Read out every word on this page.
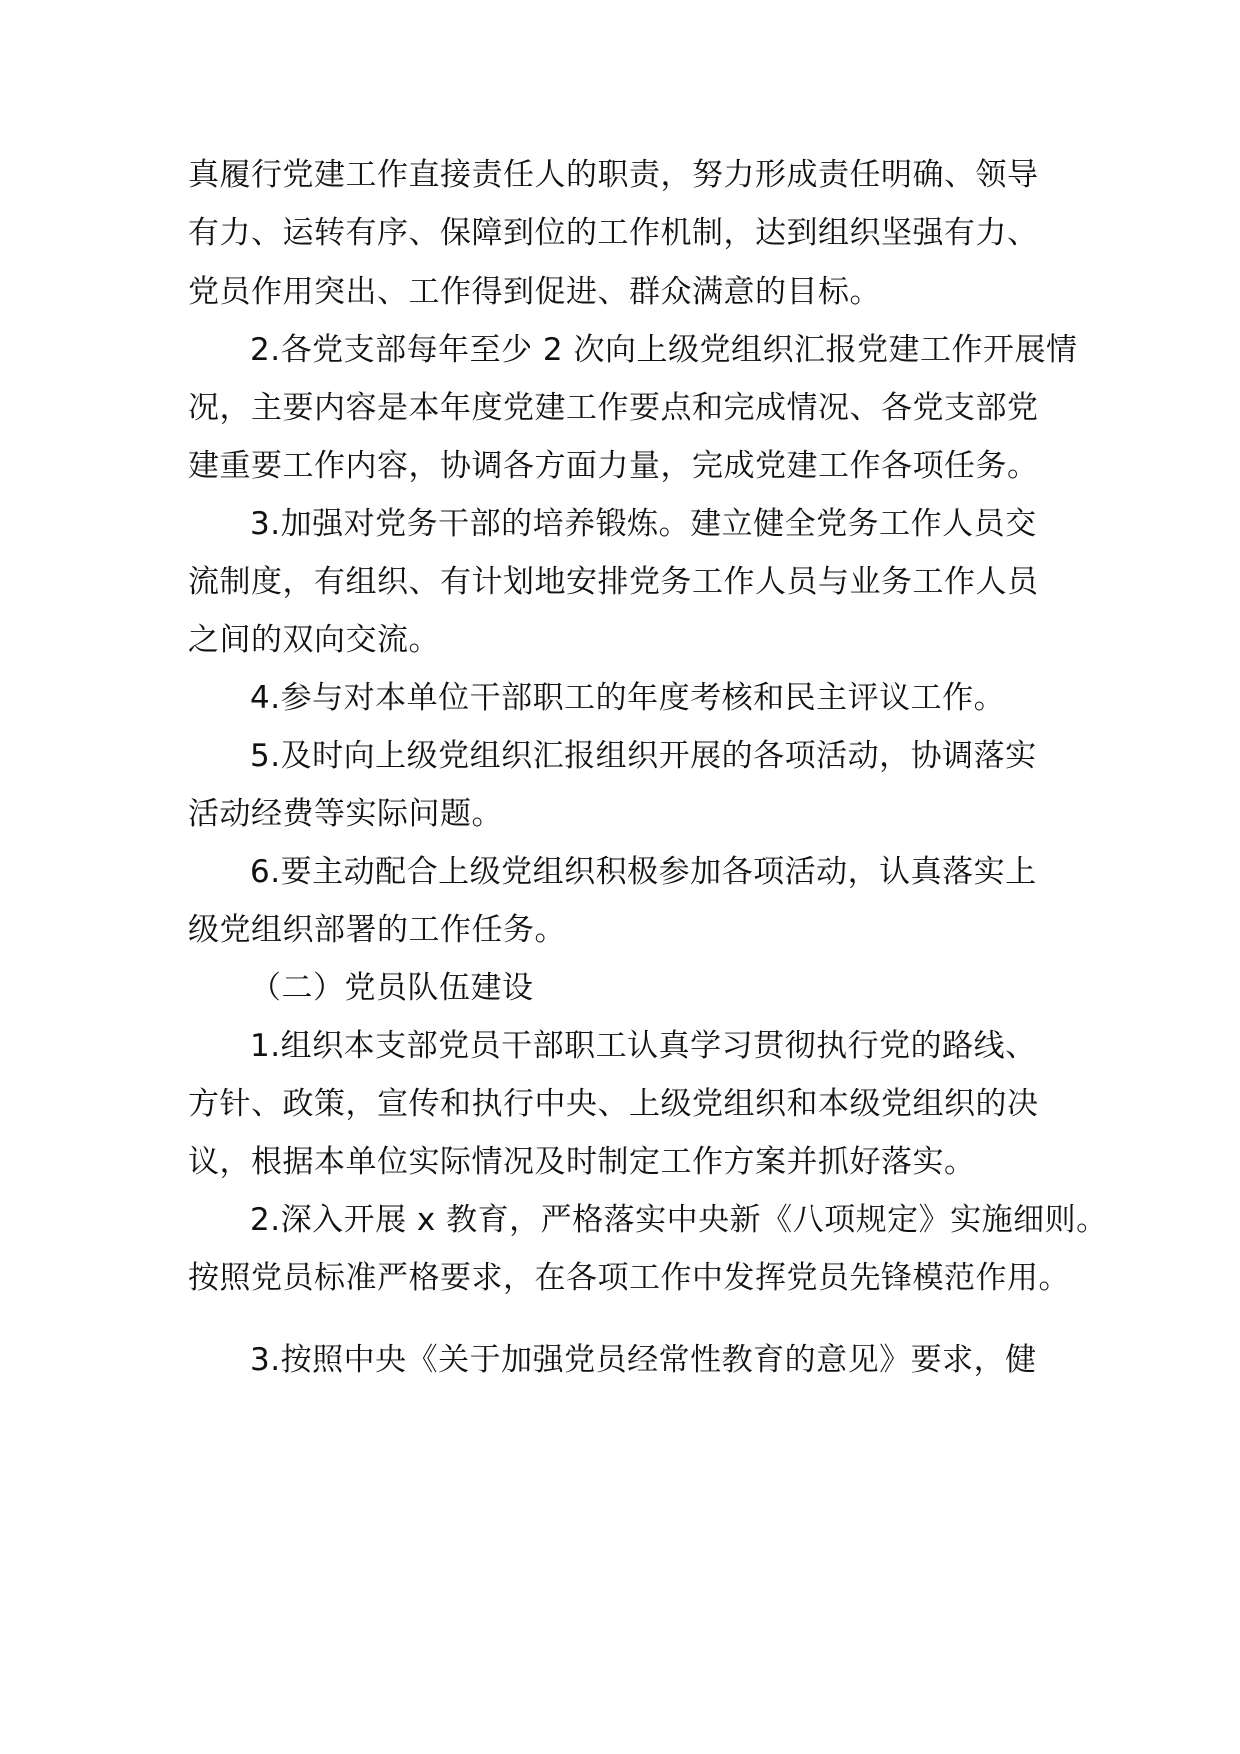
真履行党建工作直接责任人的职责，努力形成责任明确、领导

有力、运转有序、保障到位的工作机制，达到组织坚强有力、

党员作用突出、工作得到促进、群众满意的目标。

2.各党支部每年至少 2 次向上级党组织汇报党建工作开展情

况，主要内容是本年度党建工作要点和完成情况、各党支部党

建重要工作内容，协调各方面力量，完成党建工作各项任务。

3.加强对党务干部的培养锻炼。建立健全党务工作人员交

流制度，有组织、有计划地安排党务工作人员与业务工作人员

之间的双向交流。

4.参与对本单位干部职工的年度考核和民主评议工作。

5.及时向上级党组织汇报组织开展的各项活动，协调落实

活动经费等实际问题。

6.要主动配合上级党组织积极参加各项活动，认真落实上

级党组织部署的工作任务。

（二）党员队伍建设

1.组织本支部党员干部职工认真学习贯彻执行党的路线、

方针、政策，宣传和执行中央、上级党组织和本级党组织的决

议，根据本单位实际情况及时制定工作方案并抓好落实。

2.深入开展 x 教育，严格落实中央新《八项规定》实施细则。

按照党员标准严格要求，在各项工作中发挥党员先锋模范作用。

3.按照中央《关于加强党员经常性教育的意见》要求，健
